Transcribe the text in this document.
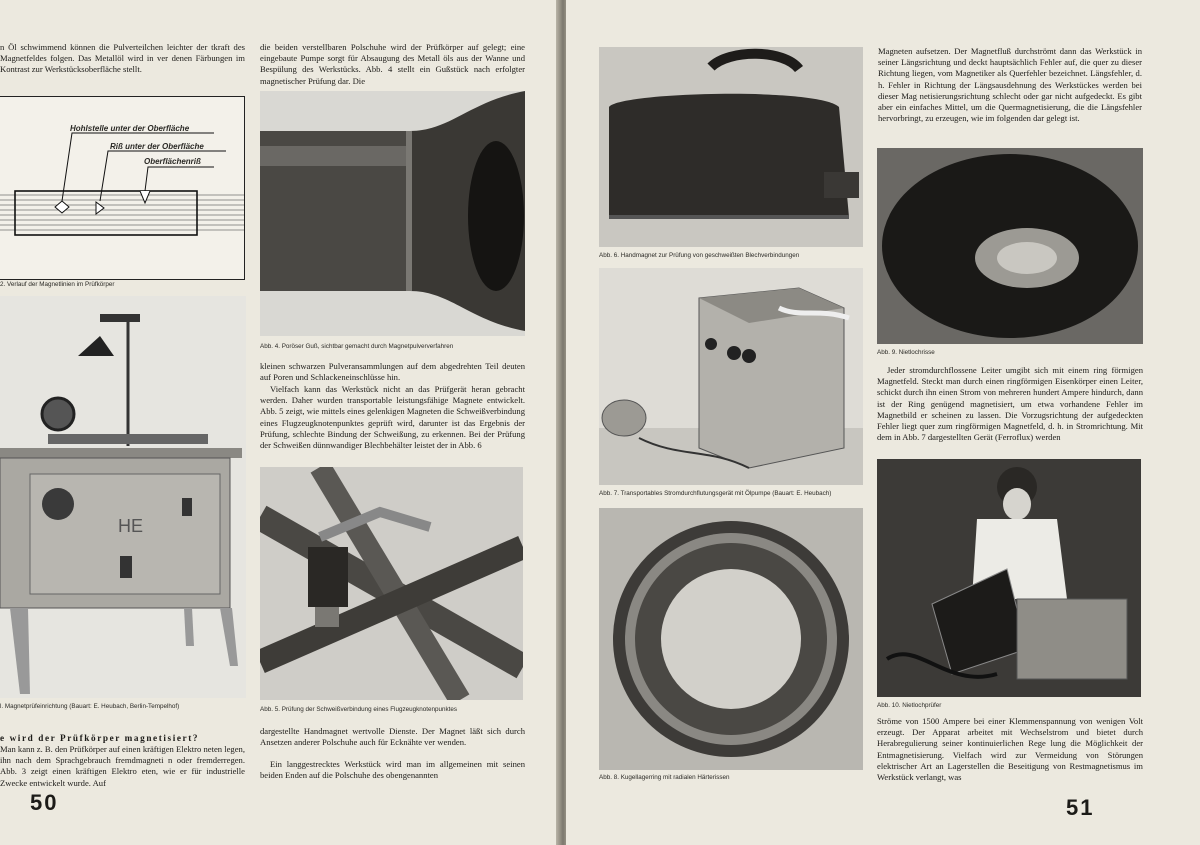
n Öl schwimmend können die Pulverteilchen leichter der tkraft des Magnetfeldes folgen. Das Metallöl wird in ver denen Färbungen im Kontrast zur Werkstücksoberfläche stellt.

Hohlstelle unter der Oberfläche
Riß unter der Oberfläche
Oberflächenriß
2. Verlauf der Magnetlinien im Prüfkörper
HE
l. Magnetprüfeinrichtung (Bauart: E. Heubach, Berlin-Tempelhof)
e wird der Prüfkörper magnetisiert?

Man kann z. B. den Prüfkörper auf einen kräftigen Elektro neten legen, ihn nach dem Sprachgebrauch fremdmagneti n oder fremderregen. Abb. 3 zeigt einen kräftigen Elektro eten, wie er für industrielle Zwecke entwickelt wurde. Auf

50

die beiden verstellbaren Polschuhe wird der Prüfkörper auf gelegt; eine eingebaute Pumpe sorgt für Absaugung des Metall öls aus der Wanne und Bespülung des Werkstücks. Abb. 4 stellt ein Gußstück nach erfolgter magnetischer Prüfung dar. Die

Abb. 4. Poröser Guß, sichtbar gemacht durch Magnetpulververfahren

kleinen schwarzen Pulveransammlungen auf dem abgedrehten Teil deuten auf Poren und Schlackeneinschlüsse hin.

Vielfach kann das Werkstück nicht an das Prüfgerät heran gebracht werden. Daher wurden transportable leistungsfähige Magnete entwickelt. Abb. 5 zeigt, wie mittels eines gelenkigen Magneten die Schweißverbindung eines Flugzeugknotenpunktes geprüft wird, darunter ist das Ergebnis der Prüfung, schlechte Bindung der Schweißung, zu erkennen. Bei der Prüfung der Schweißen dünnwandiger Blechbehälter leistet der in Abb. 6

Abb. 5. Prüfung der Schweißverbindung eines Flugzeugknotenpunktes

dargestellte Handmagnet wertvolle Dienste. Der Magnet läßt sich durch Ansetzen anderer Polschuhe auch für Ecknähte ver wenden.

Ein langgestrecktes Werkstück wird man im allgemeinen mit seinen beiden Enden auf die Polschuhe des obengenannten

Abb. 6. Handmagnet zur Prüfung von geschweißten Blechverbindungen
Abb. 7. Transportables Stromdurchflutungsgerät mit Ölpumpe (Bauart: E. Heubach)
Abb. 8. Kugellagerring mit radialen Härterissen

Magneten aufsetzen. Der Magnetfluß durchströmt dann das Werkstück in seiner Längsrichtung und deckt hauptsächlich Fehler auf, die quer zu dieser Richtung liegen, vom Magnetiker als Querfehler bezeichnet. Längsfehler, d. h. Fehler in Richtung der Längsausdehnung des Werkstückes werden bei dieser Mag netisierungsrichtung schlecht oder gar nicht aufgedeckt. Es gibt aber ein einfaches Mittel, um die Quermagnetisierung, die die Längsfehler hervorbringt, zu erzeugen, wie im folgenden dar gelegt ist.

Abb. 9. Nietlochrisse

Jeder stromdurchflossene Leiter umgibt sich mit einem ring förmigen Magnetfeld. Steckt man durch einen ringförmigen Eisenkörper einen Leiter, schickt durch ihn einen Strom von mehreren hundert Ampere hindurch, dann ist der Ring genügend magnetisiert, um etwa vorhandene Fehler im Magnetbild er scheinen zu lassen. Die Vorzugsrichtung der aufgedeckten Fehler liegt quer zum ringförmigen Magnetfeld, d. h. in Stromrichtung. Mit dem in Abb. 7 dargestellten Gerät (Ferroflux) werden

Abb. 10. Nietlochprüfer

Ströme von 1500 Ampere bei einer Klemmenspannung von wenigen Volt erzeugt. Der Apparat arbeitet mit Wechselstrom und bietet durch Herabregulierung seiner kontinuierlichen Rege lung die Möglichkeit der Entmagnetisierung. Vielfach wird zur Vermeidung von Störungen elektrischer Art an Lagerstellen die Beseitigung von Restmagnetismus im Werkstück verlangt, was

51
